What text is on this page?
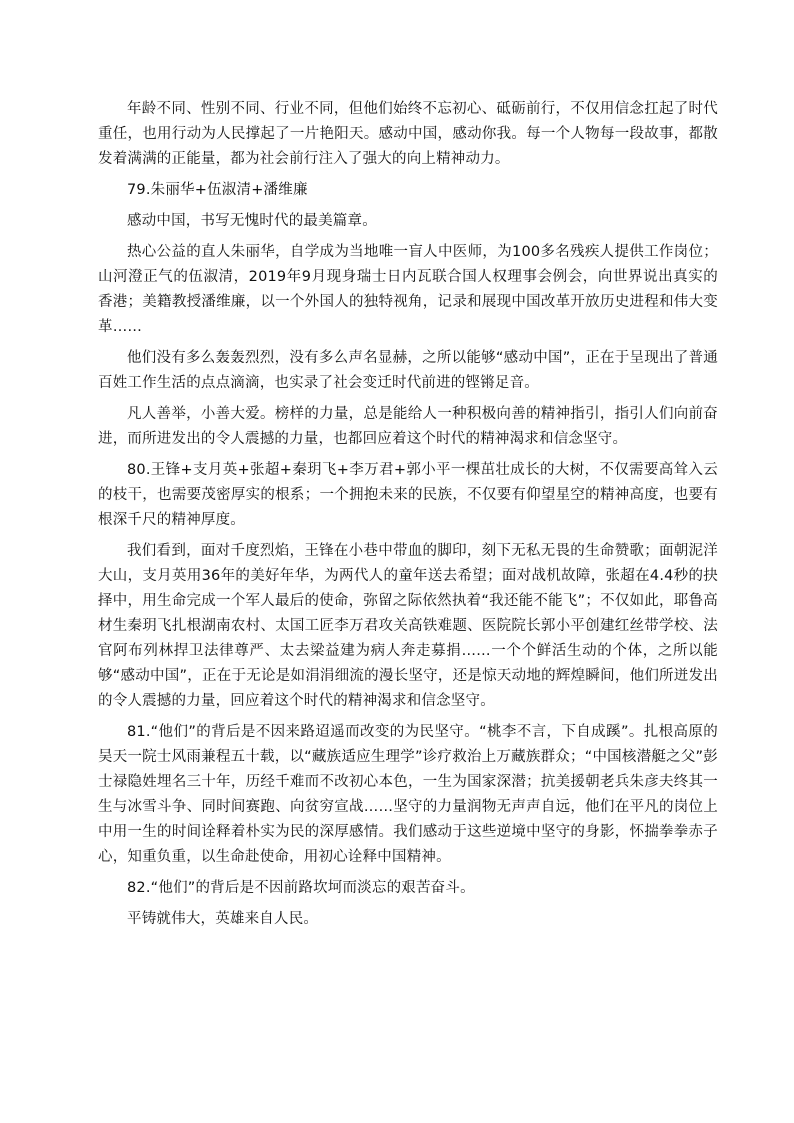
年龄不同、性别不同、行业不同，但他们始终不忘初心、砥砺前行，不仅用信念扛起了时代重任，也用行动为人民撑起了一片艳阳天。感动中国，感动你我。每一个人物每一段故事，都散发着满满的正能量，都为社会前行注入了强大的向上精神动力。

79.朱丽华+伍淑清+潘维廉

感动中国，书写无愧时代的最美篇章。

热心公益的直人朱丽华，自学成为当地唯一盲人中医师，为100多名残疾人提供工作岗位；山河澄正气的伍淑清，2019年9月现身瑞士日内瓦联合国人权理事会例会，向世界说出真实的香港；美籍教授潘维廉，以一个外国人的独特视角，记录和展现中国改革开放历史进程和伟大变革……

他们没有多么轰轰烈烈，没有多么声名显赫，之所以能够“感动中国”，正在于呈现出了普通百姓工作生活的点点滴滴，也实录了社会变迁时代前进的铿锵足音。

凡人善举，小善大爱。榜样的力量，总是能给人一种积极向善的精神指引，指引人们向前奋进，而所进发出的令人震撼的力量，也都回应着这个时代的精神渴求和信念坚守。

80.王锋+支月英+张超+秦玥飞+李万君+郭小平一棵茁壮成长的大树，不仅需要高耸入云的枝干，也需要茂密厚实的根系；一个拥抱未来的民族，不仅要有仰望星空的精神高度，也要有根深千尺的精神厚度。

我们看到，面对千度烈焰，王锋在小巷中带血的脚印，刻下无私无畏的生命赞歌；面朝泥洋大山，支月英用36年的美好年华，为两代人的童年送去希望；面对战机故障，张超在4.4秒的抉择中，用生命完成一个军人最后的使命，弥留之际依然执着“我还能不能飞”；不仅如此，耶鲁高材生秦玥飞扎根湖南农村、太国工匠李万君攻关高铁难题、医院院长郭小平创建红丝带学校、法官阿布列林捍卫法律尊严、太去梁益建为病人奔走募捐……一个个鲜活生动的个体，之所以能够“感动中国”，正在于无论是如涓涓细流的漫长坚守，还是惊天动地的辉煌瞬间，他们所迸发出的令人震撼的力量，回应着这个时代的精神渴求和信念坚守。

81.“他们”的背后是不因来路迢遥而改变的为民坚守。“桃李不言，下自成蹊”。扎根高原的吴天一院士风雨兼程五十载，以“藏族适应生理学”诊疗救治上万藏族群众；“中国核潜艇之父”彭士禄隐姓埋名三十年，历经千难而不改初心本色，一生为国家深潜；抗美援朝老兵朱彦夫终其一生与冰雪斗争、同时间赛跑、向贫穷宣战……坚守的力量润物无声声自远，他们在平凡的岗位上中用一生的时间诠释着朴实为民的深厚感情。我们感动于这些逆境中坚守的身影，怀揣拳拳赤子心，知重负重，以生命赴使命，用初心诠释中国精神。

82.“他们”的背后是不因前路坎坷而淡忘的艰苦奋斗。

平铸就伟大，英雄来自人民。
